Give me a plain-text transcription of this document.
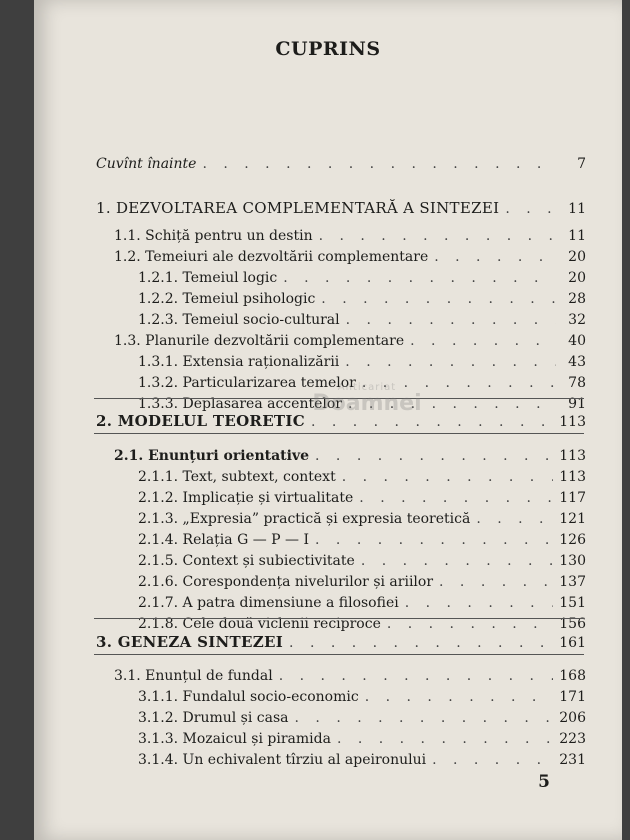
CUPRINS
Cuvînt înainte . . .	7
1. DEZVOLTAREA COMPLEMENTARĂ A SINTEZEI . . .	11
1.1. Schiță pentru un destin . . .	11
1.2. Temeiuri ale dezvoltării complementare . . .	20
1.2.1. Temeiul logic . . .	20
1.2.2. Temeiul psihologic . . .	28
1.2.3. Temeiul socio-cultural . . .	32
1.3. Planurile dezvoltării complementare . . .	40
1.3.1. Extensia raționalizării . . .	43
1.3.2. Particularizarea temelor . . .	78
1.3.3. Deplasarea accentelor . . .	91
2. MODELUL TEORETIC . . .	113
2.1. Enunțuri orientative . . .	113
2.1.1. Text, subtext, context . . .	113
2.1.2. Implicație și virtualitate . . .	117
2.1.3. „Expresia” practică și expresia teoretică . . .	121
2.1.4. Relația G — P — I . . .	126
2.1.5. Context și subiectivitate . . .	130
2.1.6. Corespondența nivelurilor și ariilor . . .	137
2.1.7. A patra dimensiune a filosofiei . . .	151
2.1.8. Cele două viclenii reciproce . . .	156
3. GENEZA SINTEZEI . . .	161
3.1. Enunțul de fundal . . .	168
3.1.1. Fundalul socio-economic . . .	171
3.1.2. Drumul și casa . . .	206
3.1.3. Mozaicul și piramida . . .	223
3.1.4. Un echivalent tîrziu al apeironului . . .	231
5
Anticariat
Doamnei
